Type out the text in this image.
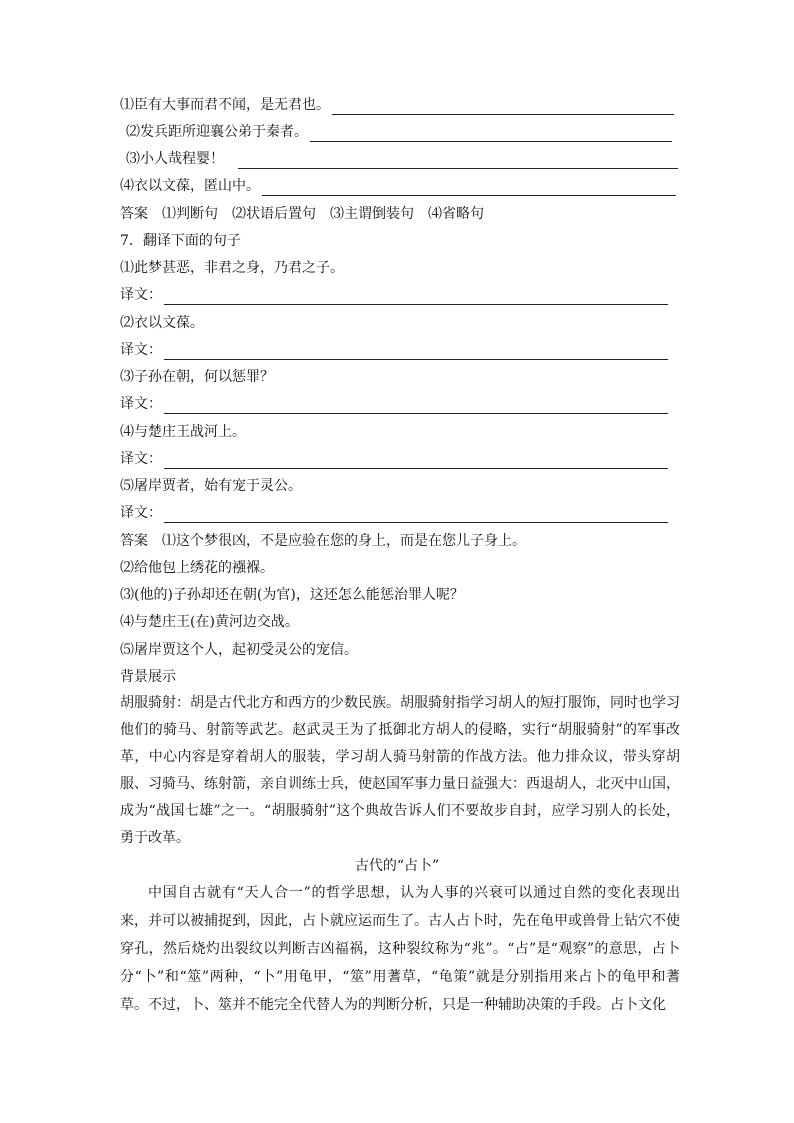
⑴臣有大事而君不闻，是无君也。
⑵发兵距所迎襄公弟于秦者。
⑶小人哉程婴！
⑷衣以文葆，匿山中。
答案 ⑴判断句　⑵状语后置句　⑶主谓倒装句　⑷省略句
7．翻译下面的句子
⑴此梦甚恶，非君之身，乃君之子。
译文：
⑵衣以文葆。
译文：
⑶子孙在朝，何以惩罪？
译文：
⑷与楚庄王战河上。
译文：
⑸屠岸贾者，始有宠于灵公。
译文：
答案 ⑴这个梦很凶，不是应验在您的身上，而是在您儿子身上。
⑵给他包上绣花的襁褓。
⑶(他的)子孙却还在朝(为官)，这还怎么能惩治罪人呢？
⑷与楚庄王(在)黄河边交战。
⑸屠岸贾这个人，起初受灵公的宠信。
背景展示
胡服骑射：胡是古代北方和西方的少数民族。胡服骑射指学习胡人的短打服饰，同时也学习他们的骑马、射箭等武艺。赵武灵王为了抵御北方胡人的侵略，实行“胡服骑射”的军事改革，中心内容是穿着胡人的服装，学习胡人骑马射箭的作战方法。他力排众议，带头穿胡服、习骑马、练射箭，亲自训练士兵，使赵国军事力量日益强大：西退胡人，北灭中山国，成为“战国七雄”之一。“胡服骑射”这个典故告诉人们不要故步自封，应学习别人的长处，勇于改革。
古代的“占卜”
中国自古就有“天人合一”的哲学思想，认为人事的兴衰可以通过自然的变化表现出来，并可以被捕捉到，因此，占卜就应运而生了。古人占卜时，先在龟甲或兽骨上钻穴不使穿孔，然后烧灼出裂纹以判断吉凶福祸，这种裂纹称为“兆”。“占”是“观察”的意思，占卜分“卜”和“筮”两种，“卜”用龟甲，“筮”用蓍草，“龟策”就是分别指用来占卜的龟甲和蓍草。不过，卜、筮并不能完全代替人为的判断分析，只是一种辅助决策的手段。占卜文化
